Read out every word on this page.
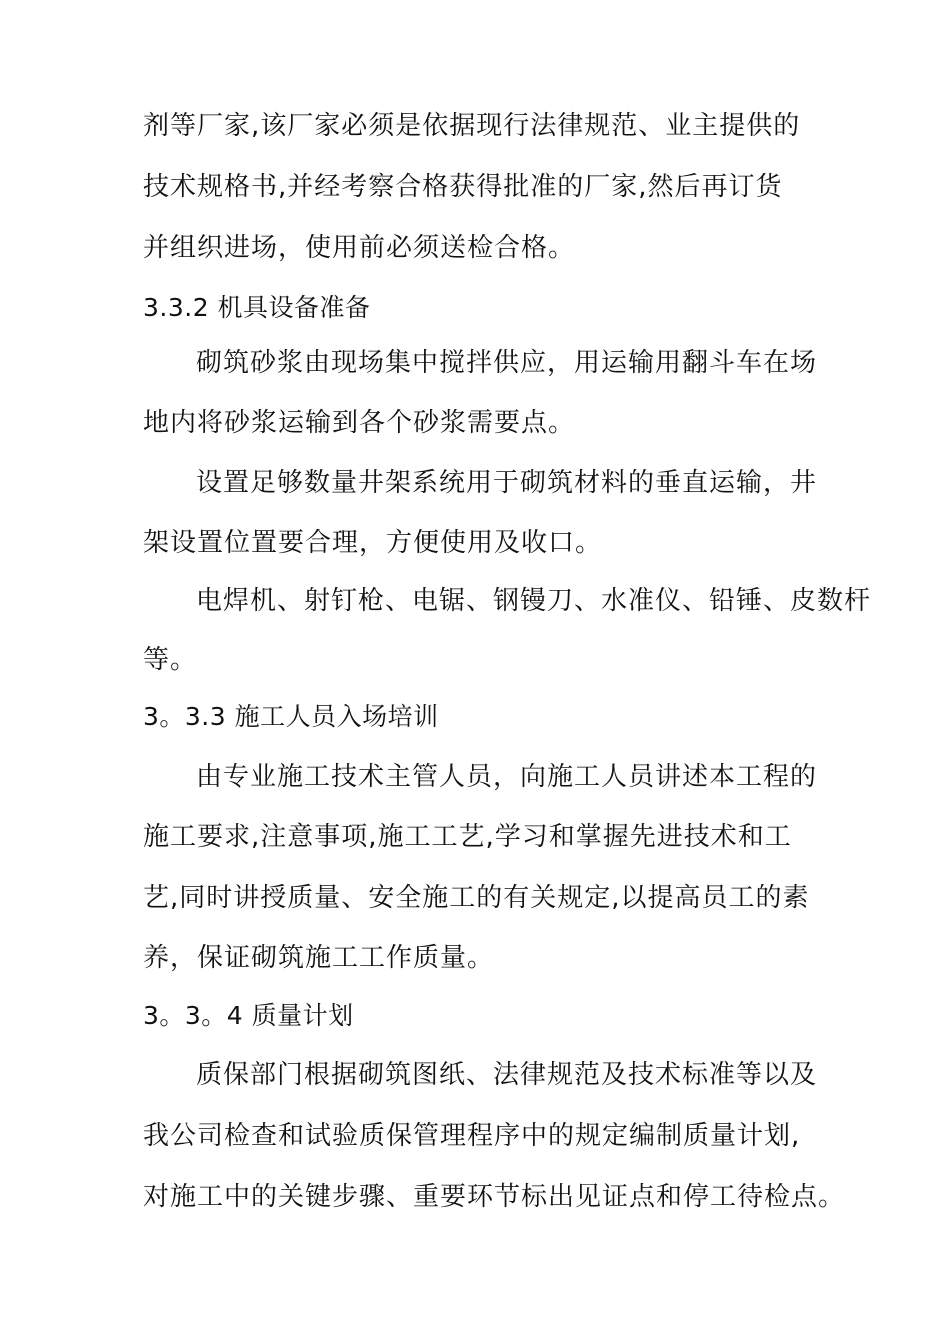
剂等厂家,该厂家必须是依据现行法律规范、业主提供的
技术规格书,并经考察合格获得批准的厂家,然后再订货
并组织进场，使用前必须送检合格。
3.3.2 机具设备准备
砌筑砂浆由现场集中搅拌供应，用运输用翻斗车在场
地内将砂浆运输到各个砂浆需要点。
设置足够数量井架系统用于砌筑材料的垂直运输，井
架设置位置要合理，方便使用及收口。
电焊机、射钉枪、电锯、钢镘刀、水准仪、铅锤、皮数杆
等。
3。3.3 施工人员入场培训
由专业施工技术主管人员，向施工人员讲述本工程的
施工要求,注意事项,施工工艺,学习和掌握先进技术和工
艺,同时讲授质量、安全施工的有关规定,以提高员工的素
养，保证砌筑施工工作质量。
3。3。4 质量计划
质保部门根据砌筑图纸、法律规范及技术标准等以及
我公司检查和试验质保管理程序中的规定编制质量计划,
对施工中的关键步骤、重要环节标出见证点和停工待检点。
